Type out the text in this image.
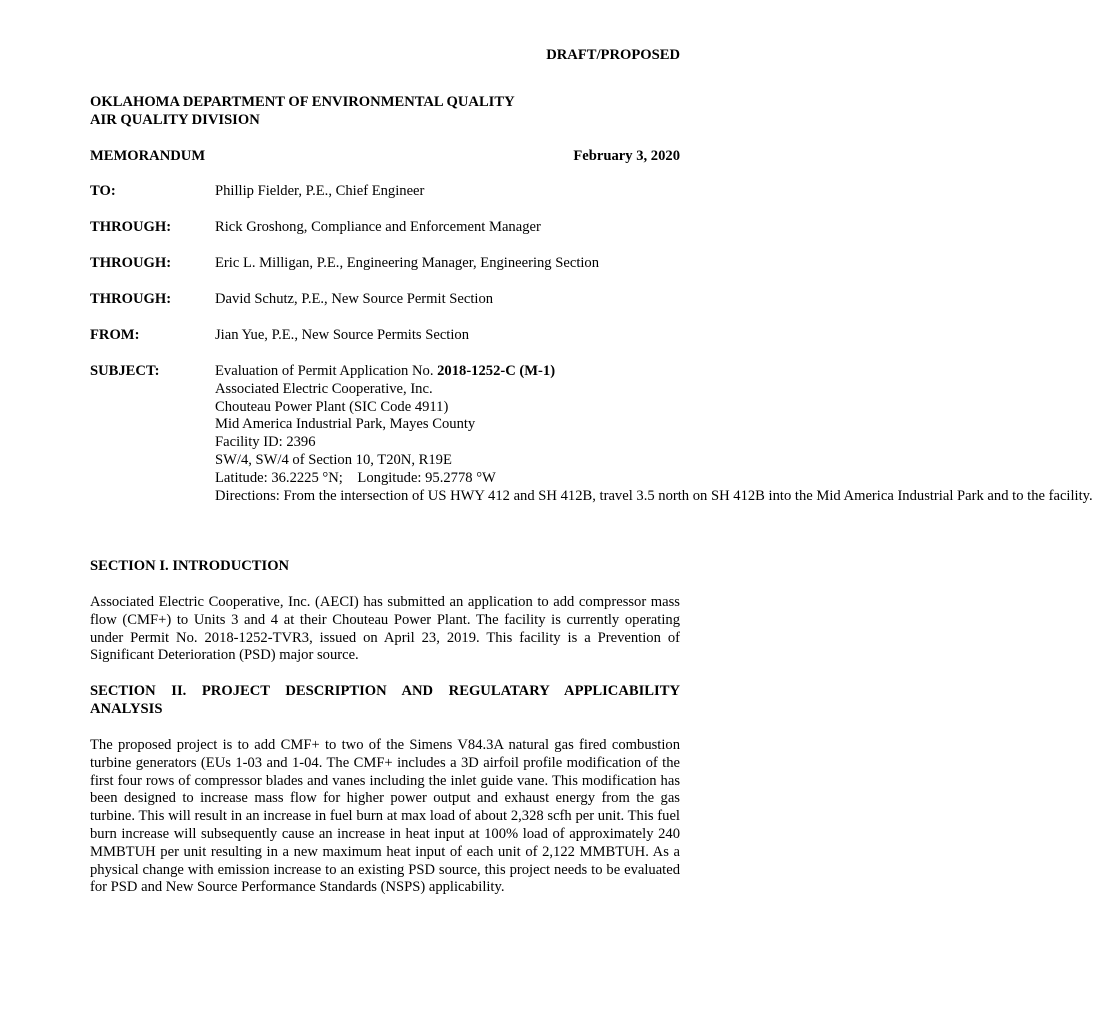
DRAFT/PROPOSED
OKLAHOMA DEPARTMENT OF ENVIRONMENTAL QUALITY
AIR QUALITY DIVISION
MEMORANDUM	February 3, 2020
TO:	Phillip Fielder, P.E., Chief Engineer
THROUGH:	Rick Groshong, Compliance and Enforcement Manager
THROUGH:	Eric L. Milligan, P.E., Engineering Manager, Engineering Section
THROUGH:	David Schutz, P.E., New Source Permit Section
FROM:	Jian Yue, P.E., New Source Permits Section
SUBJECT:	Evaluation of Permit Application No. 2018-1252-C (M-1)
Associated Electric Cooperative, Inc.
Chouteau Power Plant (SIC Code 4911)
Mid America Industrial Park, Mayes County
Facility ID: 2396
SW/4, SW/4 of Section 10, T20N, R19E
Latitude: 36.2225 °N;    Longitude: 95.2778 °W
Directions: From the intersection of US HWY 412 and SH 412B, travel 3.5 north on SH 412B into the Mid America Industrial Park and to the facility.
SECTION I. INTRODUCTION

Associated Electric Cooperative, Inc. (AECI) has submitted an application to add compressor mass flow (CMF+) to Units 3 and 4 at their Chouteau Power Plant. The facility is currently operating under Permit No. 2018-1252-TVR3, issued on April 23, 2019. This facility is a Prevention of Significant Deterioration (PSD) major source.

SECTION II. PROJECT DESCRIPTION AND REGULATARY APPLICABILITY
ANALYSIS

The proposed project is to add CMF+ to two of the Simens V84.3A natural gas fired combustion turbine generators (EUs 1-03 and 1-04. The CMF+ includes a 3D airfoil profile modification of the first four rows of compressor blades and vanes including the inlet guide vane. This modification has been designed to increase mass flow for higher power output and exhaust energy from the gas turbine. This will result in an increase in fuel burn at max load of about 2,328 scfh per unit. This fuel burn increase will subsequently cause an increase in heat input at 100% load of approximately 240 MMBTUH per unit resulting in a new maximum heat input of each unit of 2,122 MMBTUH. As a physical change with emission increase to an existing PSD source, this project needs to be evaluated for PSD and New Source Performance Standards (NSPS) applicability.
